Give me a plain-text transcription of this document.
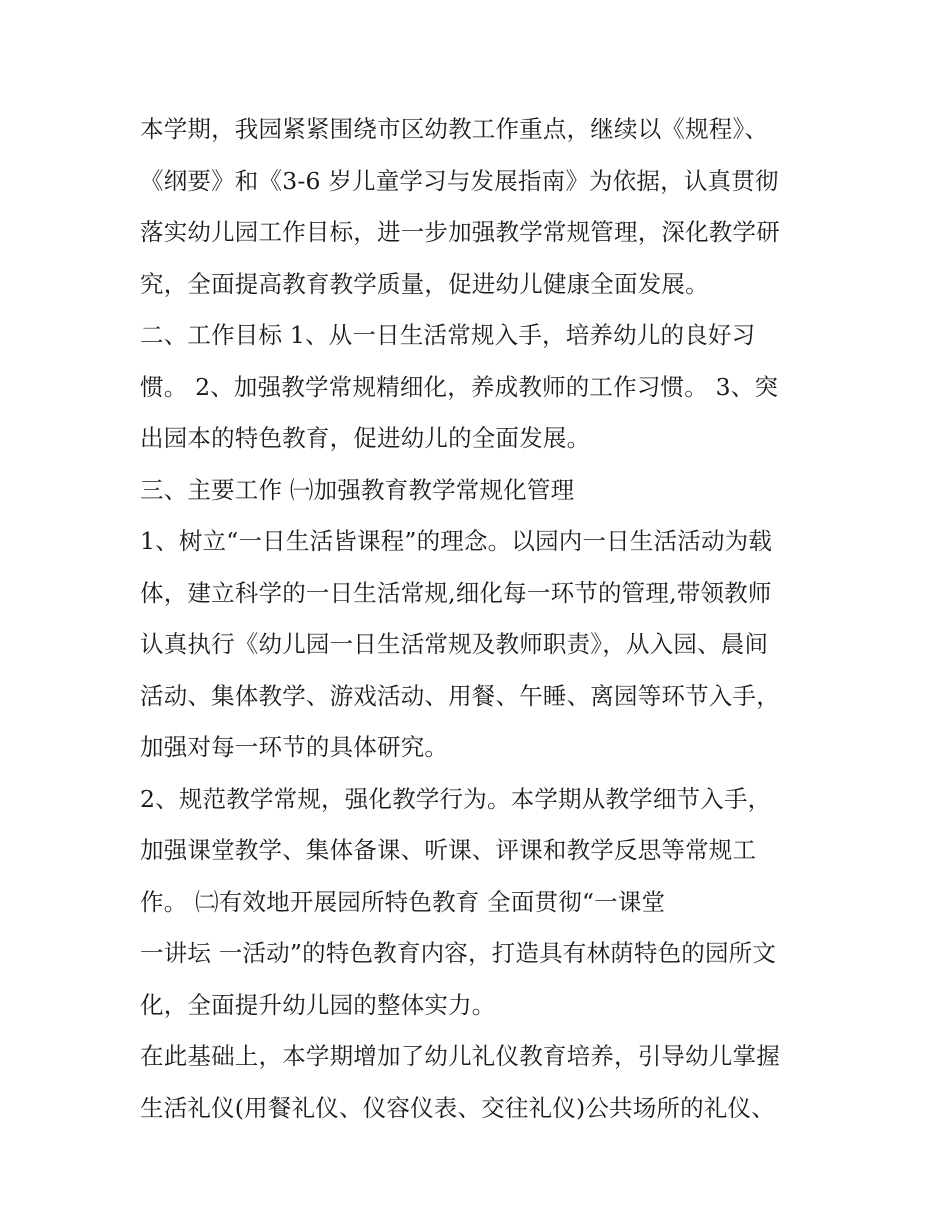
本学期，我园紧紧围绕市区幼教工作重点，继续以《规程》、
《纲要》和《3-6 岁儿童学习与发展指南》为依据，认真贯彻
落实幼儿园工作目标，进一步加强教学常规管理，深化教学研
究，全面提高教育教学质量，促进幼儿健康全面发展。
二、工作目标 1、从一日生活常规入手，培养幼儿的良好习
惯。 2、加强教学常规精细化，养成教师的工作习惯。 3、突
出园本的特色教育，促进幼儿的全面发展。
三、主要工作 ㈠加强教育教学常规化管理
1、树立“一日生活皆课程”的理念。以园内一日生活活动为载
体，建立科学的一日生活常规,细化每一环节的管理,带领教师
认真执行《幼儿园一日生活常规及教师职责》，从入园、晨间
活动、集体教学、游戏活动、用餐、午睡、离园等环节入手，
加强对每一环节的具体研究。
2、规范教学常规，强化教学行为。本学期从教学细节入手，
加强课堂教学、集体备课、听课、评课和教学反思等常规工
作。 ㈡有效地开展园所特色教育 全面贯彻“一课堂
一讲坛 一活动”的特色教育内容，打造具有林荫特色的园所文
化，全面提升幼儿园的整体实力。
在此基础上，本学期增加了幼儿礼仪教育培养，引导幼儿掌握
生活礼仪(用餐礼仪、仪容仪表、交往礼仪)公共场所的礼仪、
